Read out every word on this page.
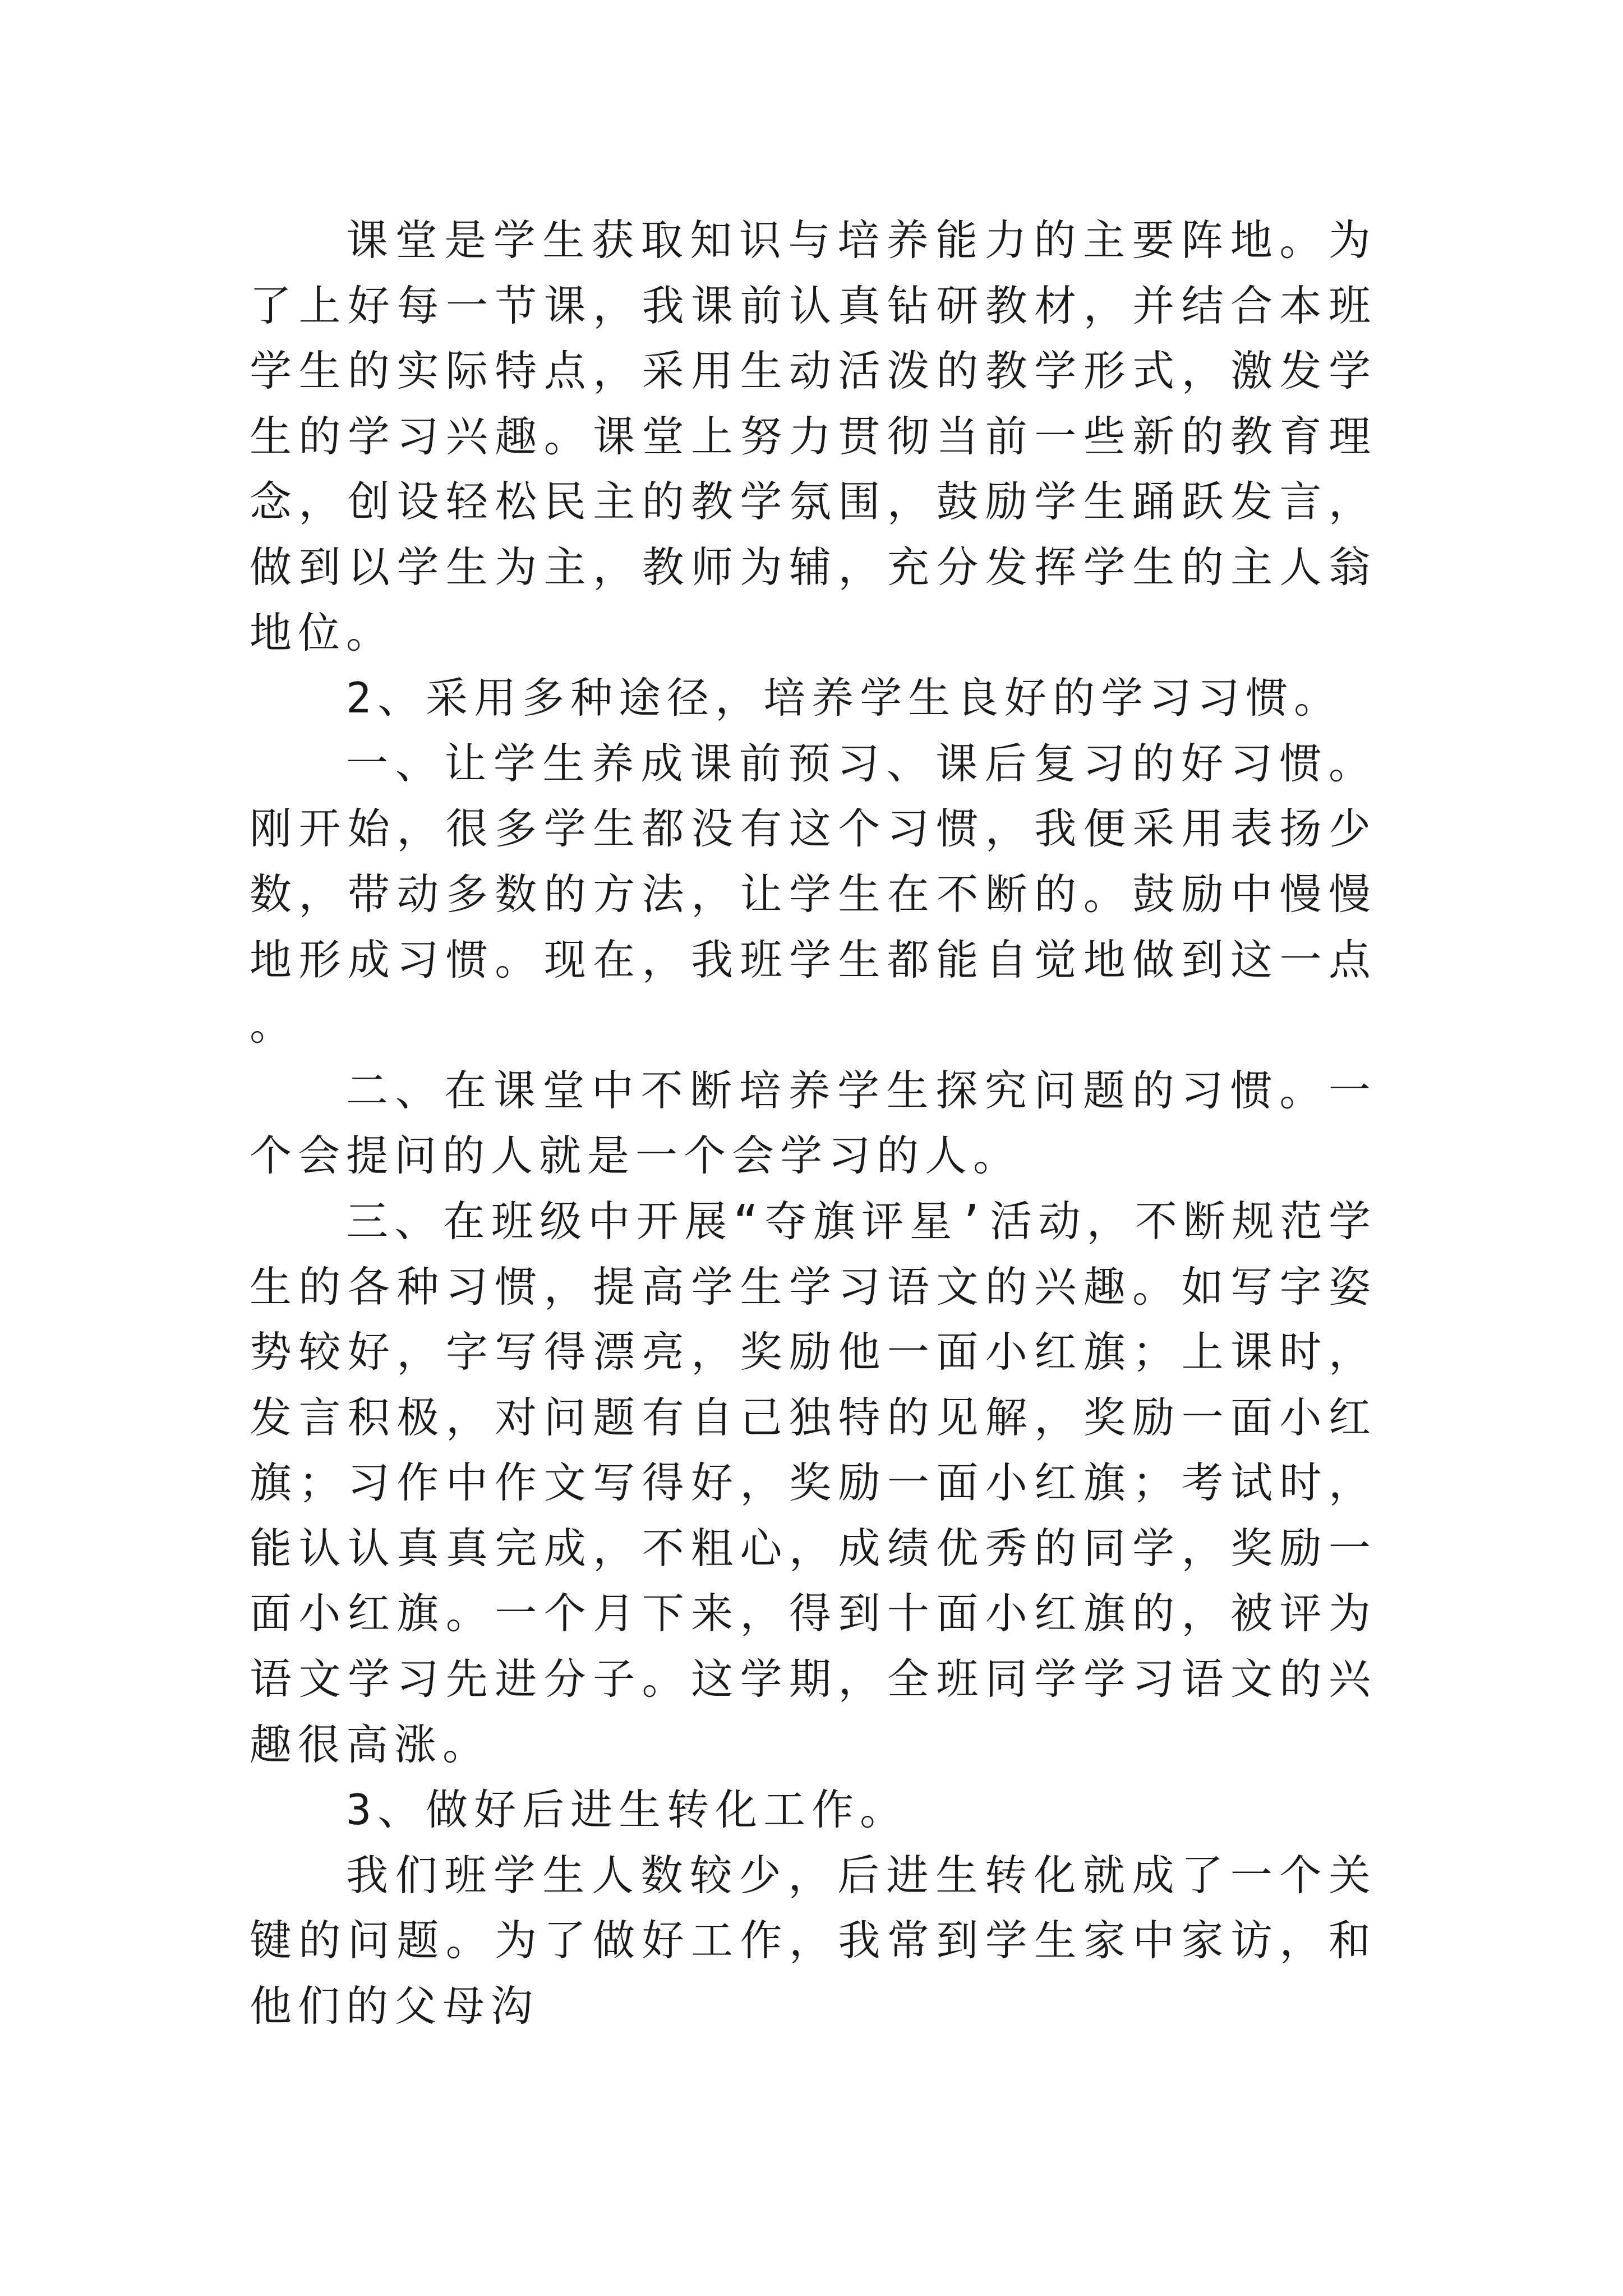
课堂是学生获取知识与培养能力的主要阵地。为了上好每一节课，我课前认真钻研教材，并结合本班学生的实际特点，采用生动活泼的教学形式，激发学生的学习兴趣。课堂上努力贯彻当前一些新的教育理念，创设轻松民主的教学氛围，鼓励学生踊跃发言，做到以学生为主，教师为辅，充分发挥学生的主人翁地位。

2、采用多种途径，培养学生良好的学习习惯。

一、让学生养成课前预习、课后复习的好习惯。刚开始，很多学生都没有这个习惯，我便采用表扬少数，带动多数的方法，让学生在不断的。鼓励中慢慢地形成习惯。现在，我班学生都能自觉地做到这一点。

二、在课堂中不断培养学生探究问题的习惯。一个会提问的人就是一个会学习的人。

三、在班级中开展“夺旗评星’活动，不断规范学生的各种习惯，提高学生学习语文的兴趣。如写字姿势较好，字写得漂亮，奖励他一面小红旗；上课时，发言积极，对问题有自己独特的见解，奖励一面小红旗；习作中作文写得好，奖励一面小红旗；考试时，能认认真真完成，不粗心，成绩优秀的同学，奖励一面小红旗。一个月下来，得到十面小红旗的，被评为语文学习先进分子。这学期，全班同学学习语文的兴趣很高涨。

3、做好后进生转化工作。

我们班学生人数较少，后进生转化就成了一个关键的问题。为了做好工作，我常到学生家中家访，和他们的父母沟
